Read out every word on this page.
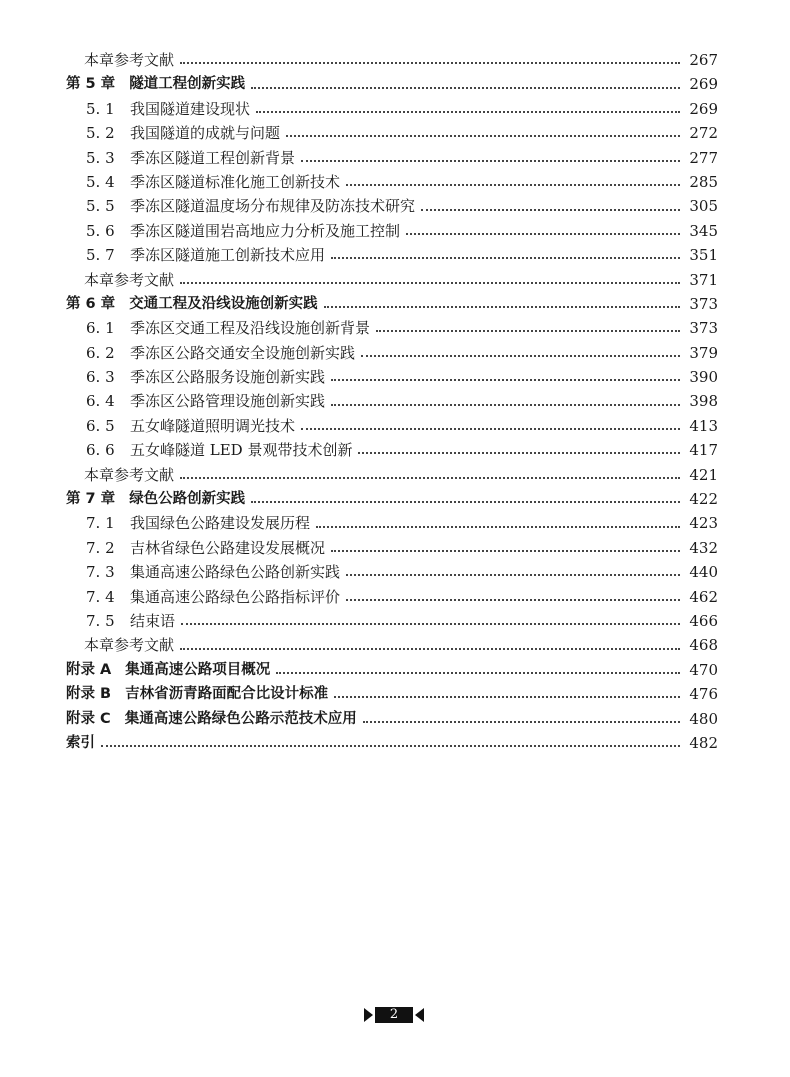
本章参考文献	267
第 5 章 隧道工程创新实践	269
5. 1 我国隧道建设现状	269
5. 2 我国隧道的成就与问题	272
5. 3 季冻区隧道工程创新背景	277
5. 4 季冻区隧道标准化施工创新技术	285
5. 5 季冻区隧道温度场分布规律及防冻技术研究	305
5. 6 季冻区隧道围岩高地应力分析及施工控制	345
5. 7 季冻区隧道施工创新技术应用	351
本章参考文献	371
第 6 章 交通工程及沿线设施创新实践	373
6. 1 季冻区交通工程及沿线设施创新背景	373
6. 2 季冻区公路交通安全设施创新实践	379
6. 3 季冻区公路服务设施创新实践	390
6. 4 季冻区公路管理设施创新实践	398
6. 5 五女峰隧道照明调光技术	413
6. 6 五女峰隧道 LED 景观带技术创新	417
本章参考文献	421
第 7 章 绿色公路创新实践	422
7. 1 我国绿色公路建设发展历程	423
7. 2 吉林省绿色公路建设发展概况	432
7. 3 集通高速公路绿色公路创新实践	440
7. 4 集通高速公路绿色公路指标评价	462
7. 5 结束语	466
本章参考文献	468
附录 A 集通高速公路项目概况	470
附录 B 吉林省沥青路面配合比设计标准	476
附录 C 集通高速公路绿色公路示范技术应用	480
索引	482
2
